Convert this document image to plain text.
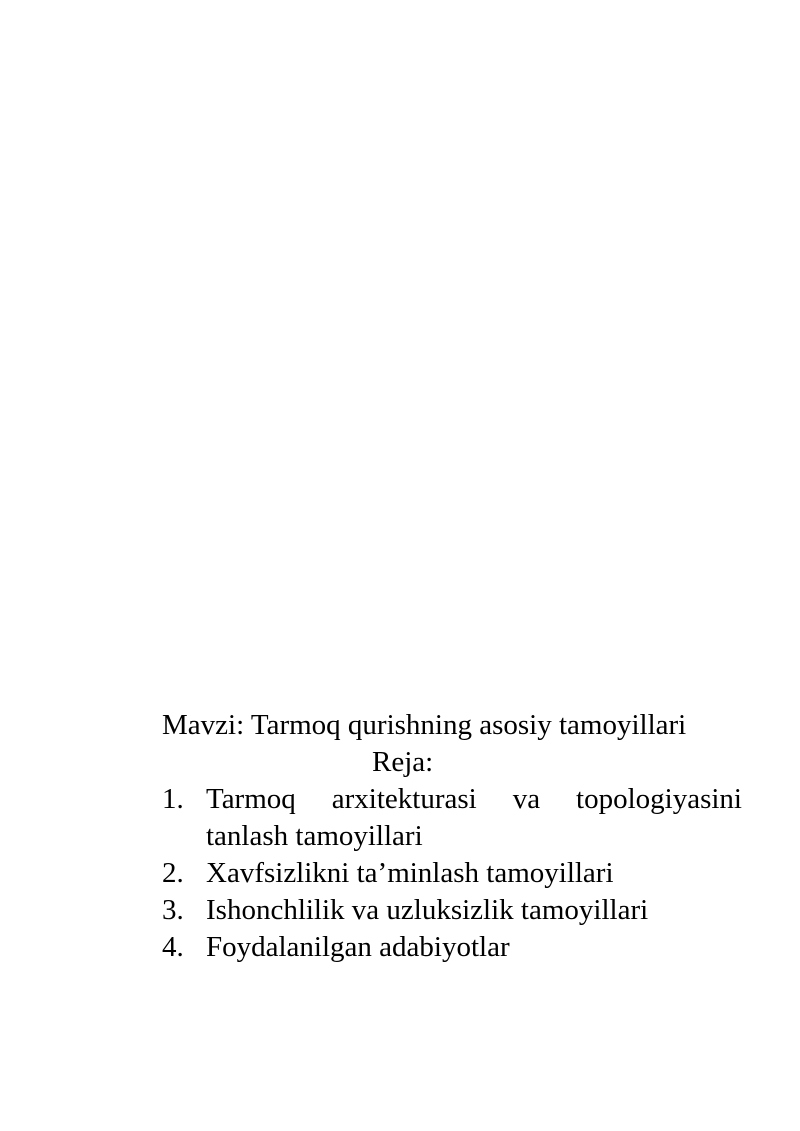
Mavzi: Tarmoq qurishning asosiy tamoyillari
Reja:
1. Tarmoq arxitekturasi va topologiyasini tanlash tamoyillari
2. Xavfsizlikni ta’minlash tamoyillari
3. Ishonchlilik va uzluksizlik tamoyillari
4. Foydalanilgan adabiyotlar
